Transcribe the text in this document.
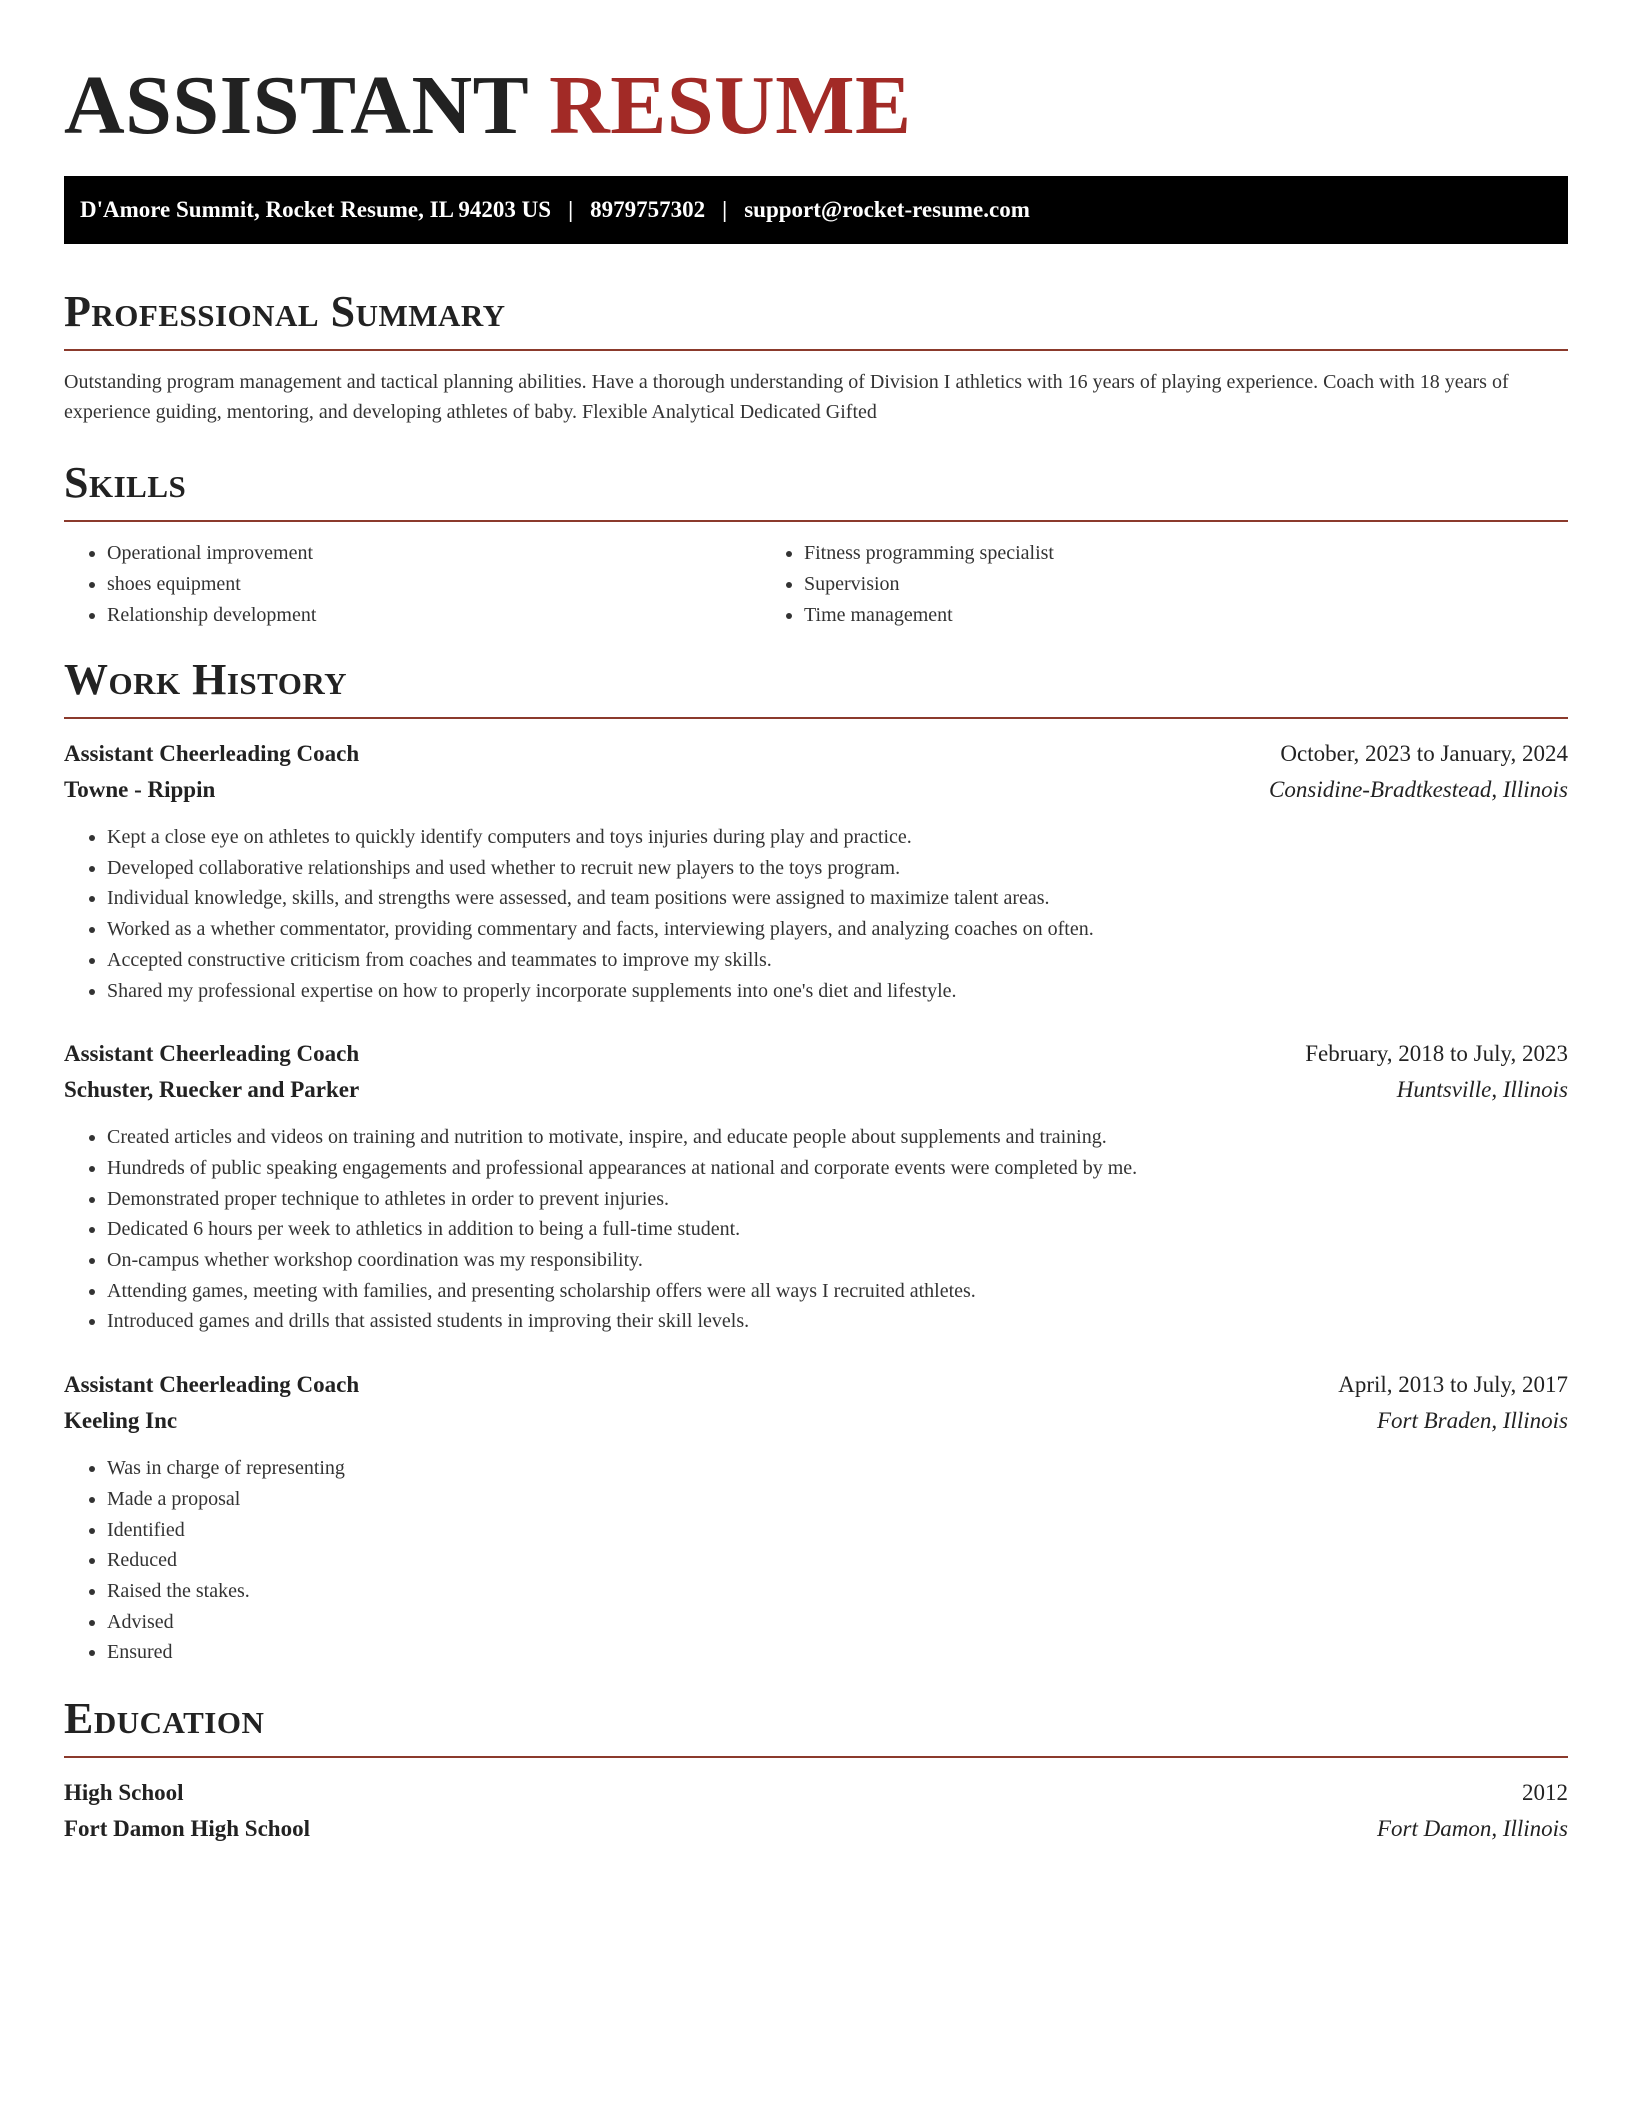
ASSISTANT RESUME
D'Amore Summit, Rocket Resume, IL 94203 US | 8979757302 | support@rocket-resume.com
Professional Summary
Outstanding program management and tactical planning abilities. Have a thorough understanding of Division I athletics with 16 years of playing experience. Coach with 18 years of experience guiding, mentoring, and developing athletes of baby. Flexible Analytical Dedicated Gifted
Skills
• Operational improvement
• shoes equipment
• Relationship development
• Fitness programming specialist
• Supervision
• Time management
Work History
Assistant Cheerleading Coach	October, 2023 to January, 2024
Towne - Rippin	Considine-Bradtkestead, Illinois
• Kept a close eye on athletes to quickly identify computers and toys injuries during play and practice.
• Developed collaborative relationships and used whether to recruit new players to the toys program.
• Individual knowledge, skills, and strengths were assessed, and team positions were assigned to maximize talent areas.
• Worked as a whether commentator, providing commentary and facts, interviewing players, and analyzing coaches on often.
• Accepted constructive criticism from coaches and teammates to improve my skills.
• Shared my professional expertise on how to properly incorporate supplements into one's diet and lifestyle.
Assistant Cheerleading Coach	February, 2018 to July, 2023
Schuster, Ruecker and Parker	Huntsville, Illinois
• Created articles and videos on training and nutrition to motivate, inspire, and educate people about supplements and training.
• Hundreds of public speaking engagements and professional appearances at national and corporate events were completed by me.
• Demonstrated proper technique to athletes in order to prevent injuries.
• Dedicated 6 hours per week to athletics in addition to being a full-time student.
• On-campus whether workshop coordination was my responsibility.
• Attending games, meeting with families, and presenting scholarship offers were all ways I recruited athletes.
• Introduced games and drills that assisted students in improving their skill levels.
Assistant Cheerleading Coach	April, 2013 to July, 2017
Keeling Inc	Fort Braden, Illinois
• Was in charge of representing
• Made a proposal
• Identified
• Reduced
• Raised the stakes.
• Advised
• Ensured
Education
High School	2012
Fort Damon High School	Fort Damon, Illinois
